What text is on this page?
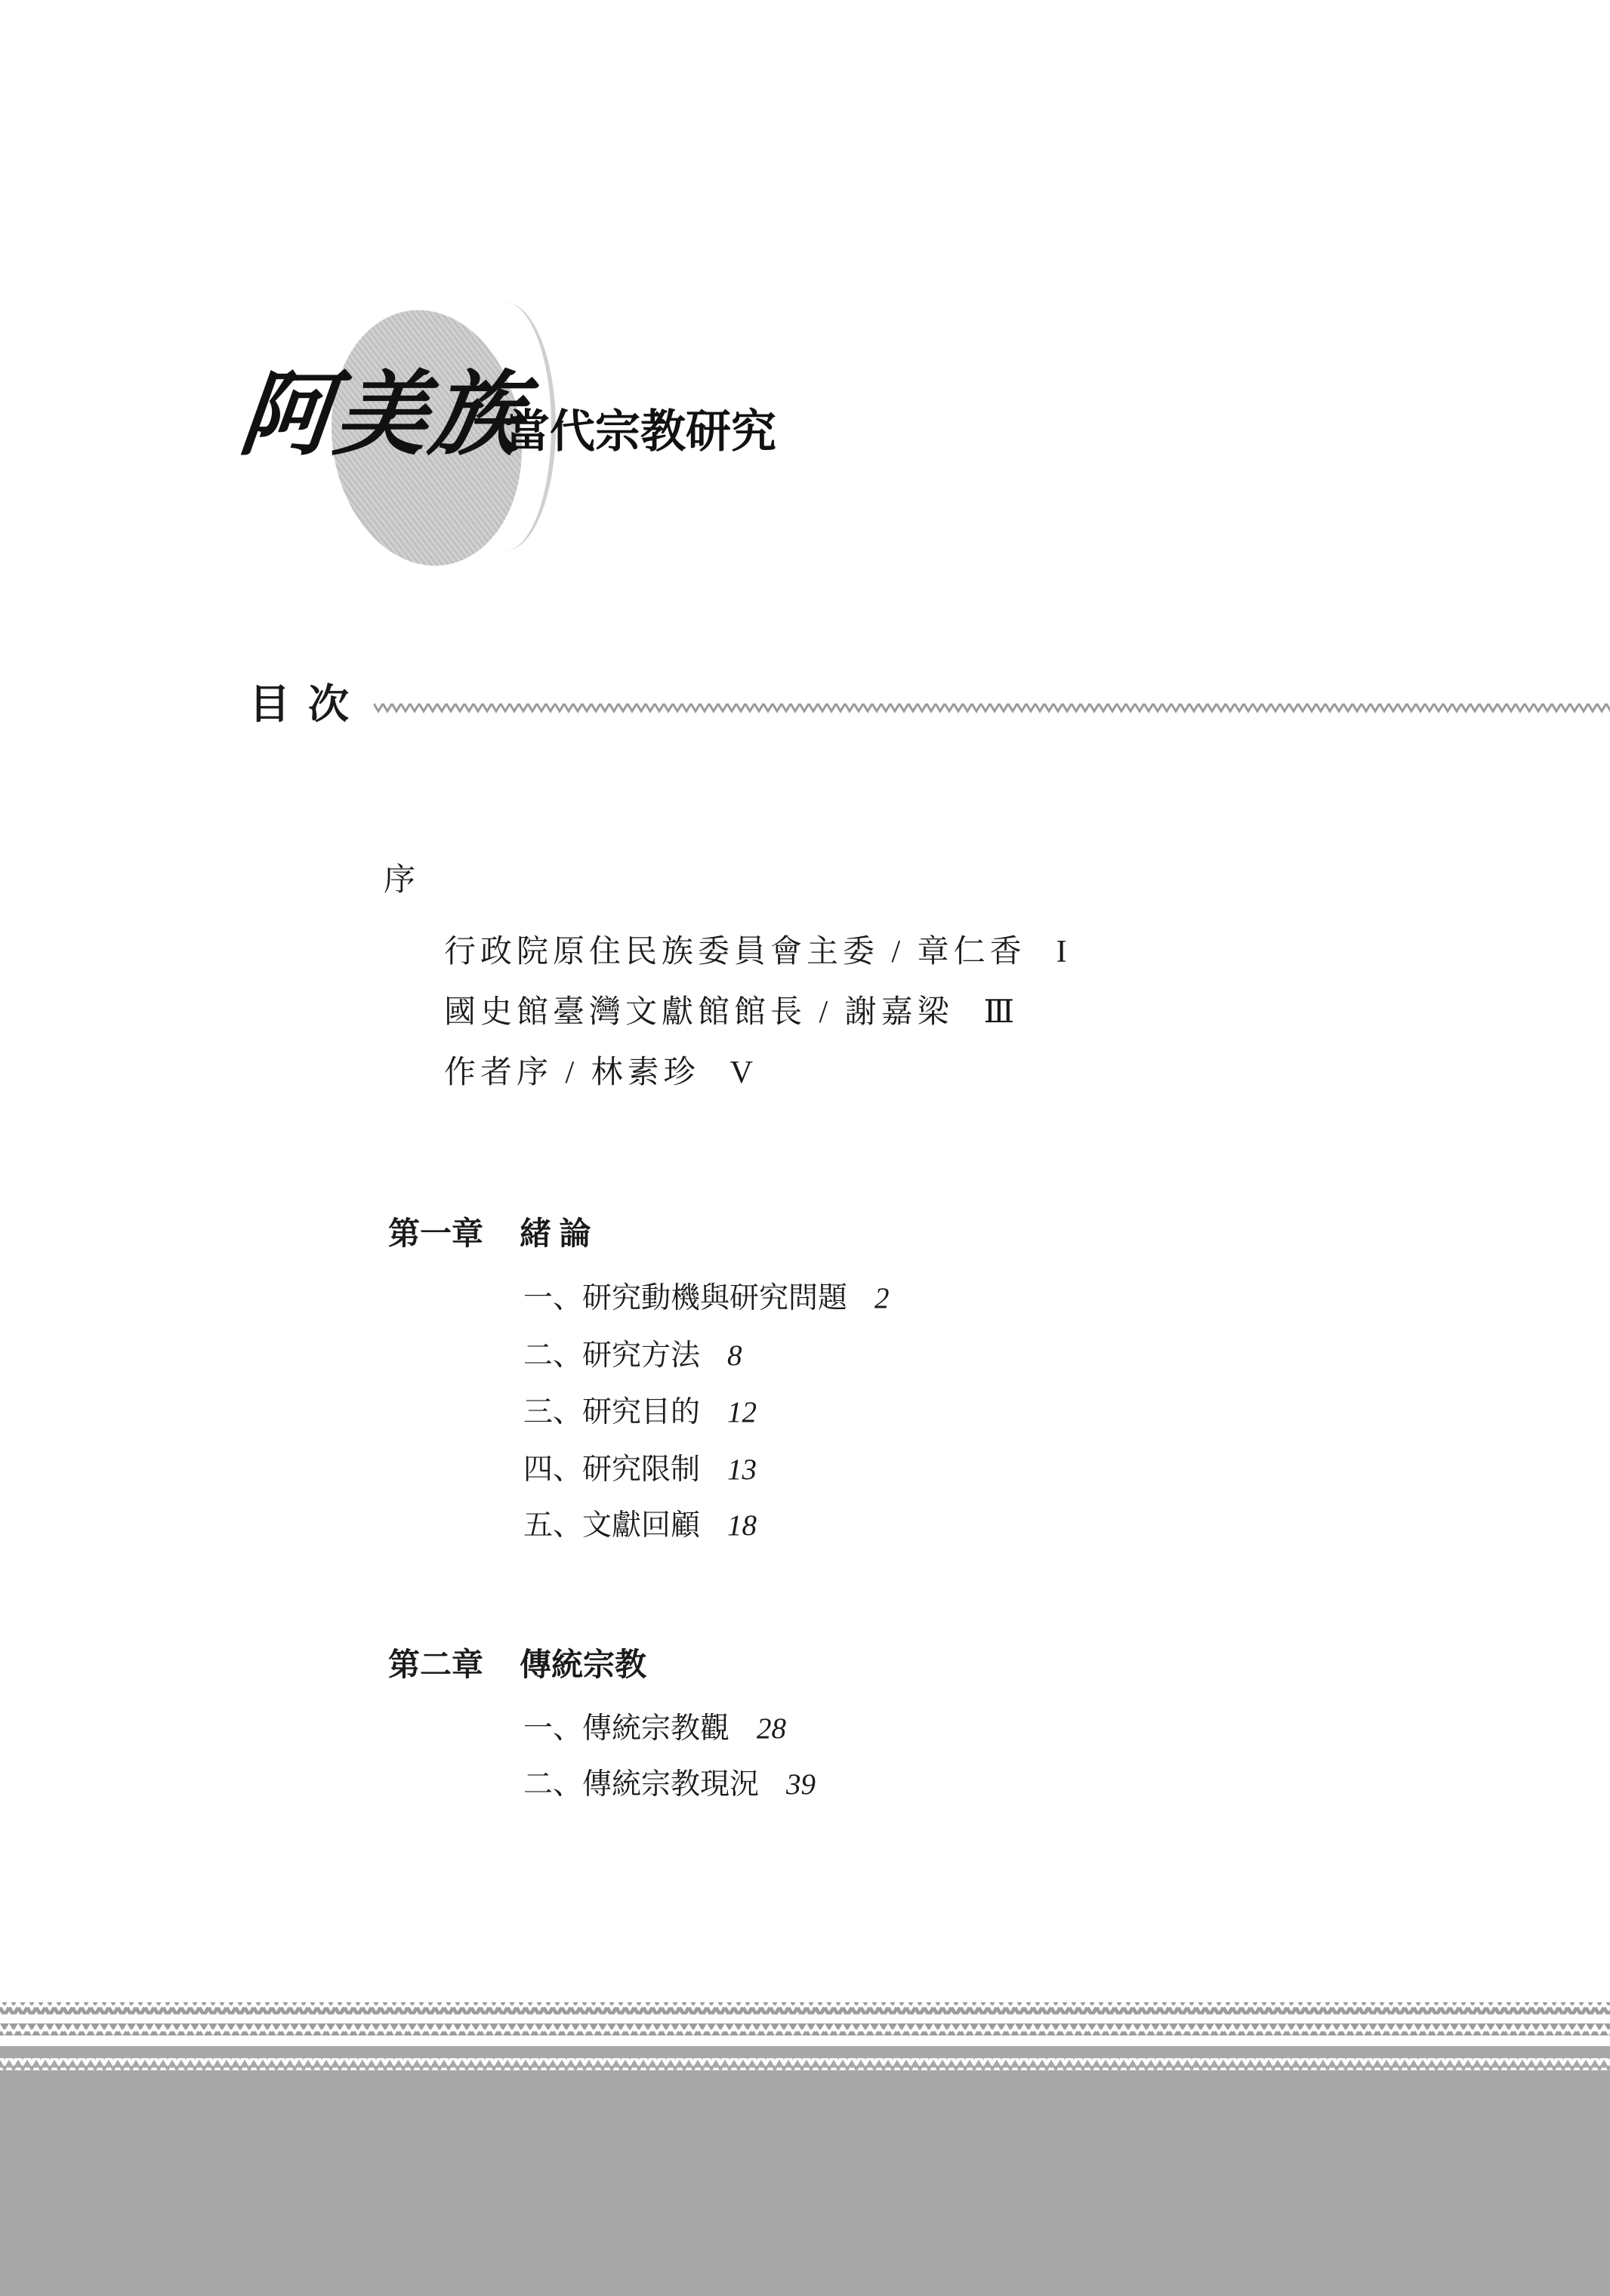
阿美族
當代宗教研究
目次
序
行政院原住民族委員會主委 / 章仁香 I
國史館臺灣文獻館館長 / 謝嘉梁 Ⅲ
作者序 / 林素珍 V
第一章 緒 論
一、研究動機與研究問題 2
二、研究方法 8
三、研究目的 12
四、研究限制 13
五、文獻回顧 18
第二章 傳統宗教
一、傳統宗教觀 28
二、傳統宗教現況 39
